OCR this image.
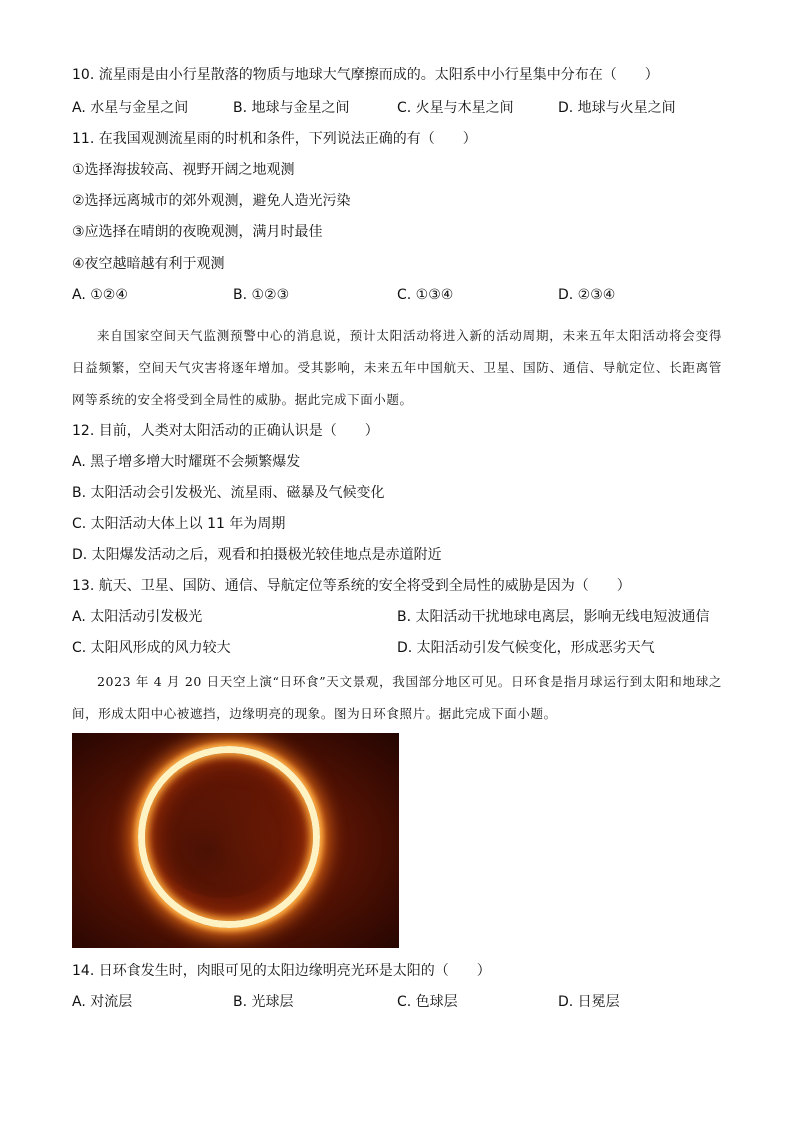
10. 流星雨是由小行星散落的物质与地球大气摩擦而成的。太阳系中小行星集中分布在（　　）
A. 水星与金星之间	B. 地球与金星之间	C. 火星与木星之间	D. 地球与火星之间
11. 在我国观测流星雨的时机和条件，下列说法正确的有（　　）
①选择海拔较高、视野开阔之地观测
②选择远离城市的郊外观测，避免人造光污染
③应选择在晴朗的夜晚观测，满月时最佳
④夜空越暗越有利于观测
A. ①②④	B. ①②③	C. ①③④	D. ②③④
来自国家空间天气监测预警中心的消息说，预计太阳活动将进入新的活动周期，未来五年太阳活动将会变得日益频繁，空间天气灾害将逐年增加。受其影响，未来五年中国航天、卫星、国防、通信、导航定位、长距离管网等系统的安全将受到全局性的威胁。据此完成下面小题。
12. 目前，人类对太阳活动的正确认识是（　　）
A. 黑子增多增大时耀斑不会频繁爆发
B. 太阳活动会引发极光、流星雨、磁暴及气候变化
C. 太阳活动大体上以 11 年为周期
D. 太阳爆发活动之后，观看和拍摄极光较佳地点是赤道附近
13. 航天、卫星、国防、通信、导航定位等系统的安全将受到全局性的威胁是因为（　　）
A. 太阳活动引发极光	B. 太阳活动干扰地球电离层，影响无线电短波通信
C. 太阳风形成的风力较大	D. 太阳活动引发气候变化，形成恶劣天气
2023 年 4 月 20 日天空上演“日环食”天文景观，我国部分地区可见。日环食是指月球运行到太阳和地球之间，形成太阳中心被遮挡，边缘明亮的现象。图为日环食照片。据此完成下面小题。
14. 日环食发生时，肉眼可见的太阳边缘明亮光环是太阳的（　　）
A. 对流层	B. 光球层	C. 色球层	D. 日冕层
